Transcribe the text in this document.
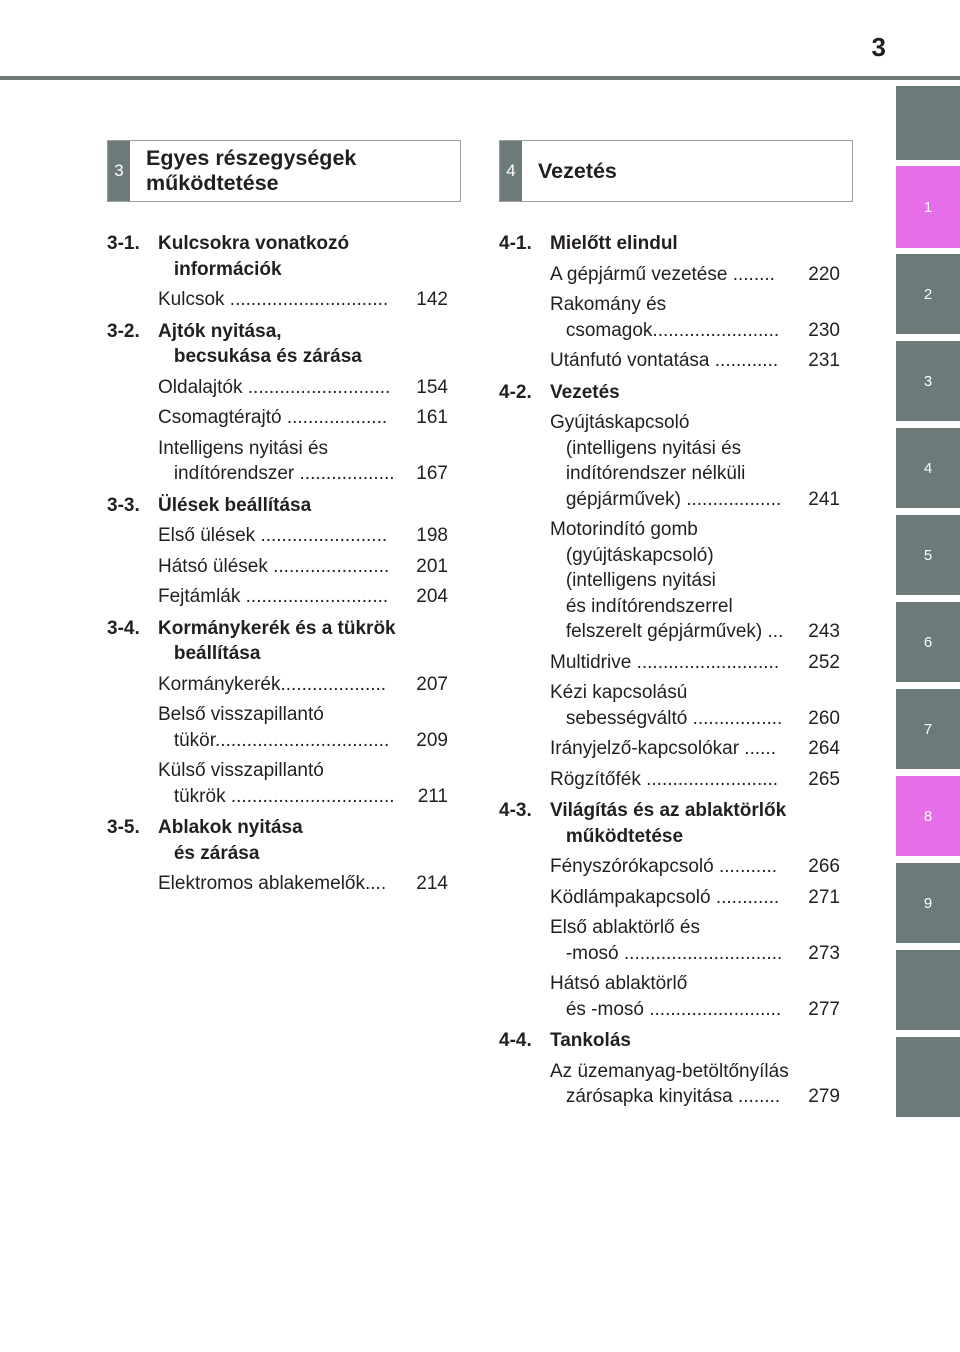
3
1
2
3
4
5
6
7
8
9
3
Egyes részegységek
működtetése
4 Vezetés
3-1. Kulcsokra vonatkozó
információk
Kulcsok ..............................	142
3-2. Ajtók nyitása,
becsukása és zárása
Oldalajtók ...........................	154
Csomagtérajtó ...................	161
Intelligens nyitási és
indítórendszer ..................	167
3-3. Ülések beállítása
Első ülések ........................	198
Hátsó ülések ......................	201
Fejtámlák ...........................	204
3-4. Kormánykerék és a tükrök
beállítása
Kormánykerék....................	207
Belső visszapillantó
tükör.................................	209
Külső visszapillantó
tükrök ...............................	211
3-5. Ablakok nyitása
és zárása
Elektromos ablakemelők....	214
4-1. Mielőtt elindul
A gépjármű vezetése ........	220
Rakomány és
csomagok........................	230
Utánfutó vontatása ............	231
4-2. Vezetés
Gyújtáskapcsoló
(intelligens nyitási és
indítórendszer nélküli
gépjárművek) ..................	241
Motorindító gomb
(gyújtáskapcsoló)
(intelligens nyitási
és indítórendszerrel
felszerelt gépjárművek) ...	243
Multidrive ...........................	252
Kézi kapcsolású
sebességváltó .................	260
Irányjelző-kapcsolókar ......	264
Rögzítőfék .........................	265
4-3. Világítás és az ablaktörlők
működtetése
Fényszórókapcsoló ...........	266
Ködlámpakapcsoló ............	271
Első ablaktörlő és
-mosó ..............................	273
Hátsó ablaktörlő
és -mosó .........................	277
4-4. Tankolás
Az üzemanyag-betöltőnyílás
zárósapka kinyitása ........	279
